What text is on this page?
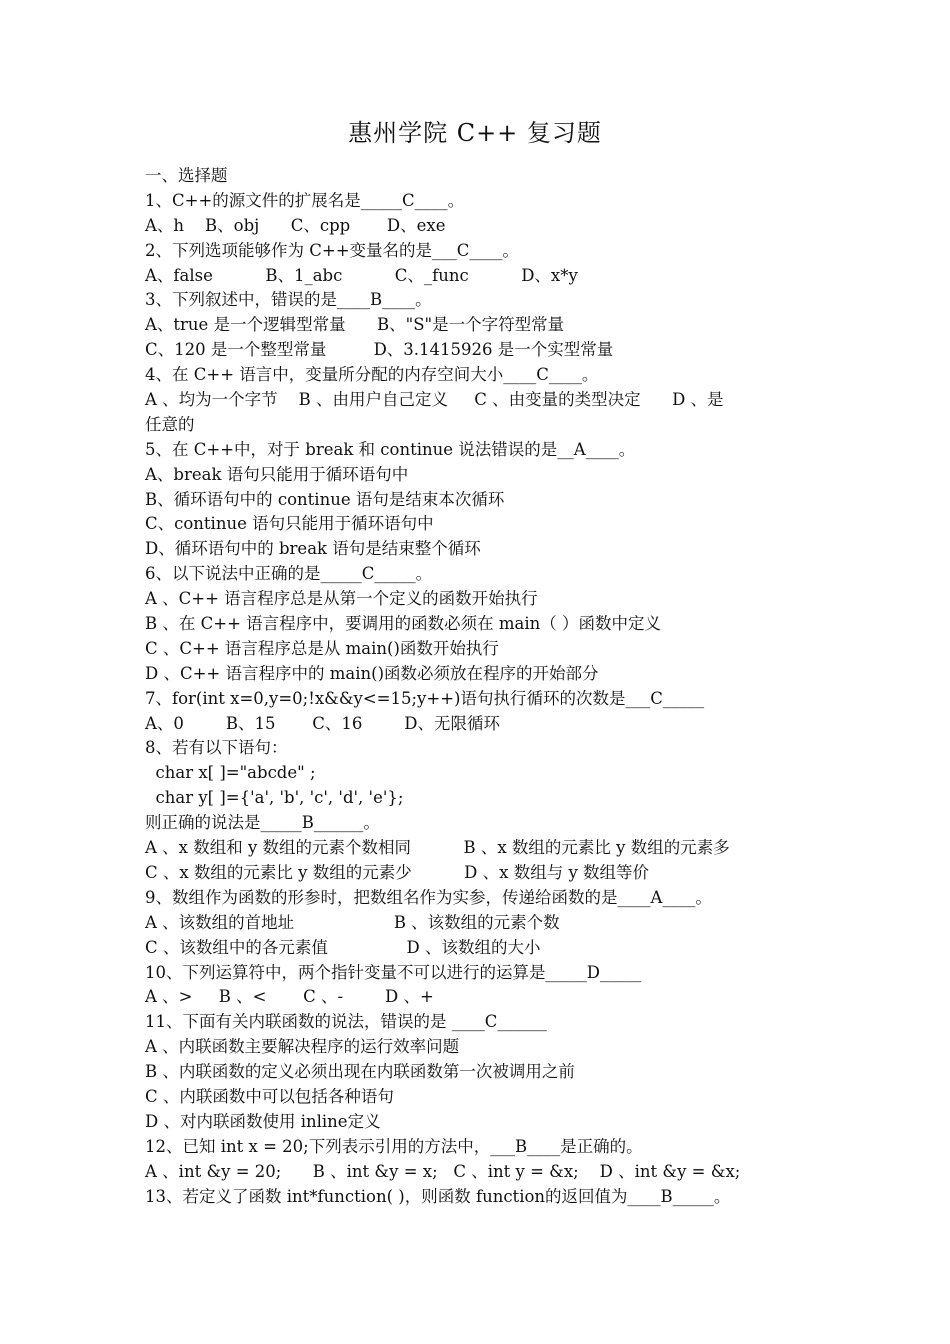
惠州学院 C++ 复习题
一、选择题
1、C++的源文件的扩展名是_____C____。
A、h    B、obj      C、cpp       D、exe
2、下列选项能够作为 C++变量名的是___C____。
A、false          B、1_abc          C、_func          D、x*y
3、下列叙述中，错误的是____B____。
A、true 是一个逻辑型常量      B、"S"是一个字符型常量
C、120 是一个整型常量         D、3.1415926 是一个实型常量
4、在 C++ 语言中，变量所分配的内存空间大小____C____。
A 、均为一个字节    B 、由用户自己定义     C 、由变量的类型决定      D 、是
任意的
5、在 C++中，对于 break 和 continue 说法错误的是__A____。
A、break 语句只能用于循环语句中
B、循环语句中的 continue 语句是结束本次循环
C、continue 语句只能用于循环语句中
D、循环语句中的 break 语句是结束整个循环
6、以下说法中正确的是_____C_____。
A 、C++ 语言程序总是从第一个定义的函数开始执行
B 、在 C++ 语言程序中，要调用的函数必须在 main（ ）函数中定义
C 、C++ 语言程序总是从 main()函数开始执行
D 、C++ 语言程序中的 main()函数必须放在程序的开始部分
7、for(int x=0,y=0;!x&&y<=15;y++)语句执行循环的次数是___C_____
A、0        B、15       C、16        D、无限循环
8、若有以下语句：
char x[ ]="abcde" ;
char y[ ]={'a', 'b', 'c', 'd', 'e'};
则正确的说法是_____B______。
A 、x 数组和 y 数组的元素个数相同          B 、x 数组的元素比 y 数组的元素多
C 、x 数组的元素比 y 数组的元素少          D 、x 数组与 y 数组等价
9、数组作为函数的形参时，把数组名作为实参，传递给函数的是____A____。
A 、该数组的首地址                   B 、该数组的元素个数
C 、该数组中的各元素值               D 、该数组的大小
10、下列运算符中，两个指针变量不可以进行的运算是_____D_____
A 、>     B 、<       C 、-        D 、+
11、下面有关内联函数的说法，错误的是 ____C______
A 、内联函数主要解决程序的运行效率问题
B 、内联函数的定义必须出现在内联函数第一次被调用之前
C 、内联函数中可以包括各种语句
D 、对内联函数使用 inline定义
12、已知 int x = 20;下列表示引用的方法中，___B____是正确的。
A 、int &y = 20;      B 、int &y = x;   C 、int y = &x;    D 、int &y = &x;
13、若定义了函数 int*function( )，则函数 function的返回值为____B_____。
